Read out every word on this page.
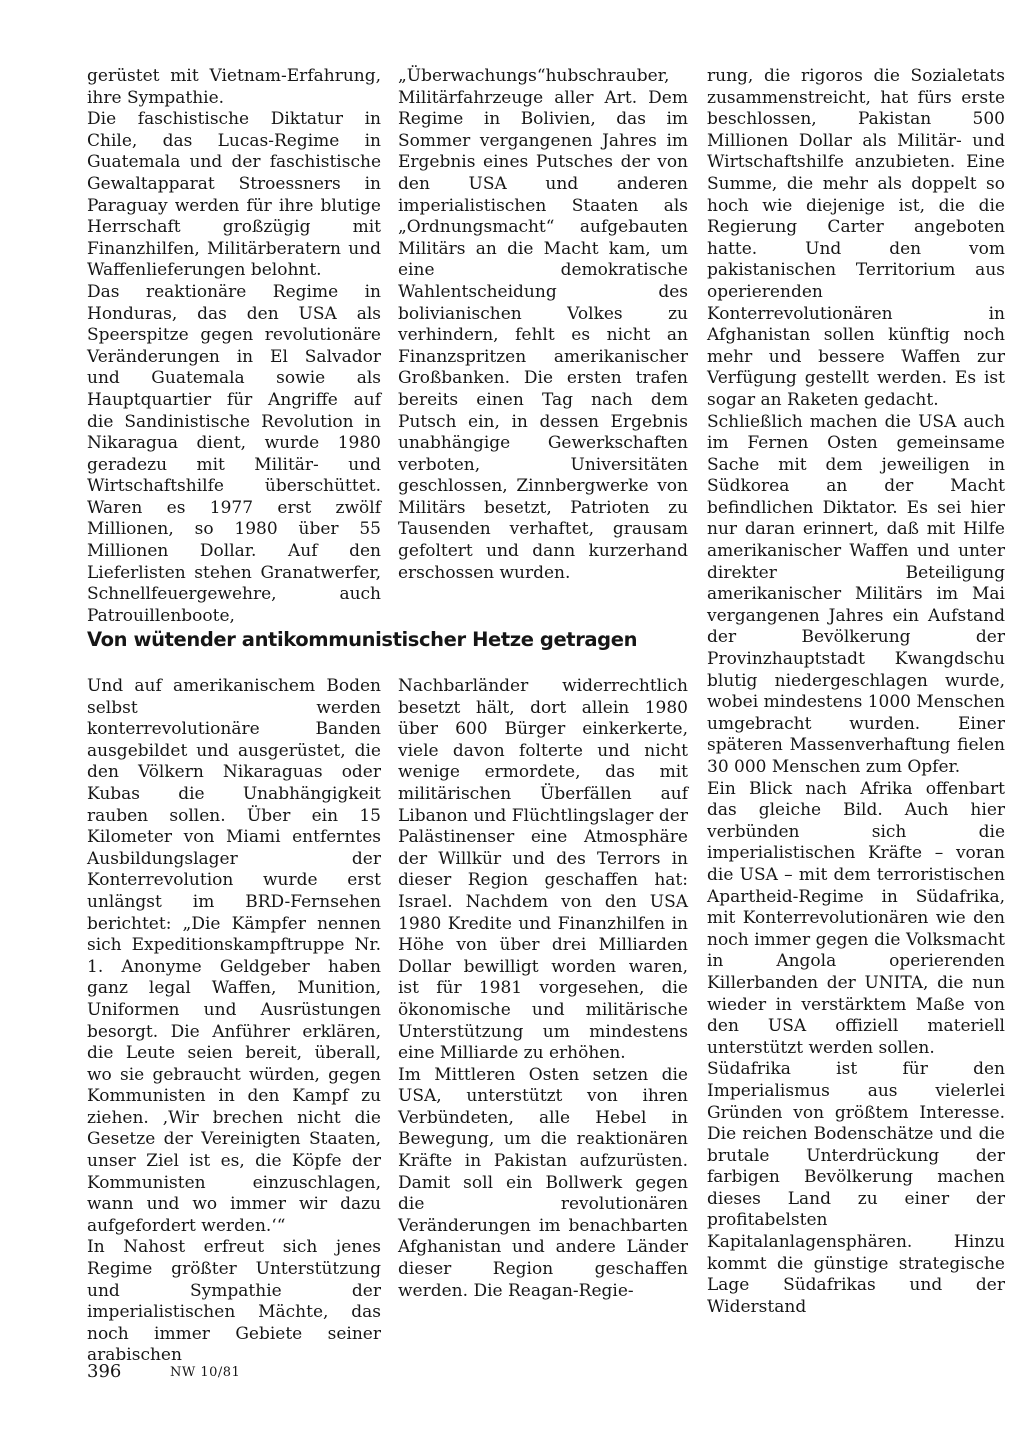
gerüstet mit Vietnam-Erfahrung, ihre Sympathie.

Die faschistische Diktatur in Chile, das Lucas-Regime in Guatemala und der faschistische Gewaltapparat Stroessners in Paraguay werden für ihre blutige Herrschaft großzügig mit Finanzhilfen, Militärberatern und Waffenlieferungen belohnt.

Das reaktionäre Regime in Honduras, das den USA als Speerspitze gegen revolutionäre Veränderungen in El Salvador und Guatemala sowie als Hauptquartier für Angriffe auf die Sandinistische Revolution in Nikaragua dient, wurde 1980 geradezu mit Militär- und Wirtschaftshilfe überschüttet. Waren es 1977 erst zwölf Millionen, so 1980 über 55 Millionen Dollar. Auf den Lieferlisten stehen Granatwerfer, Schnellfeuergewehre, auch Patrouillenboote,

„Überwachungs“hubschrauber, Militärfahrzeuge aller Art. Dem Regime in Bolivien, das im Sommer vergangenen Jahres im Ergebnis eines Putsches der von den USA und anderen imperialistischen Staaten als „Ordnungsmacht“ aufgebauten Militärs an die Macht kam, um eine demokratische Wahlentscheidung des bolivianischen Volkes zu verhindern, fehlt es nicht an Finanzspritzen amerikanischer Großbanken. Die ersten trafen bereits einen Tag nach dem Putsch ein, in dessen Ergebnis unabhängige Gewerkschaften verboten, Universitäten geschlossen, Zinnbergwerke von Militärs besetzt, Patrioten zu Tausenden verhaftet, grausam gefoltert und dann kurzerhand erschossen wurden.

rung, die rigoros die Sozialetats zusammenstreicht, hat fürs erste beschlossen, Pakistan 500 Millionen Dollar als Militär- und Wirtschaftshilfe anzubieten. Eine Summe, die mehr als doppelt so hoch wie diejenige ist, die die Regierung Carter angeboten hatte. Und den vom pakistanischen Territorium aus operierenden Konterrevolutionären in Afghanistan sollen künftig noch mehr und bessere Waffen zur Verfügung gestellt werden. Es ist sogar an Raketen gedacht.

Schließlich machen die USA auch im Fernen Osten gemeinsame Sache mit dem jeweiligen in Südkorea an der Macht befindlichen Diktator. Es sei hier nur daran erinnert, daß mit Hilfe amerikanischer Waffen und unter direkter Beteiligung amerikanischer Militärs im Mai vergangenen Jahres ein Aufstand der Bevölkerung der Provinzhauptstadt Kwangdschu blutig niedergeschlagen wurde, wobei mindestens 1000 Menschen umgebracht wurden. Einer späteren Massenverhaftung fielen 30 000 Menschen zum Opfer.

Ein Blick nach Afrika offenbart das gleiche Bild. Auch hier verbünden sich die imperialistischen Kräfte – voran die USA – mit dem terroristischen Apartheid-Regime in Südafrika, mit Konterrevolutionären wie den noch immer gegen die Volksmacht in Angola operierenden Killerbanden der UNITA, die nun wieder in verstärktem Maße von den USA offiziell materiell unterstützt werden sollen.

Südafrika ist für den Imperialismus aus vielerlei Gründen von größtem Interesse. Die reichen Bodenschätze und die brutale Unterdrückung der farbigen Bevölkerung machen dieses Land zu einer der profitabelsten Kapitalanlagensphären. Hinzu kommt die günstige strategische Lage Südafrikas und der Widerstand

Von wütender antikommunistischer Hetze getragen

Und auf amerikanischem Boden selbst werden konterrevolutionäre Banden ausgebildet und ausgerüstet, die den Völkern Nikaraguas oder Kubas die Unabhängigkeit rauben sollen. Über ein 15 Kilometer von Miami entferntes Ausbildungslager der Konterrevolution wurde erst unlängst im BRD-Fernsehen berichtet: „Die Kämpfer nennen sich Expeditionskampftruppe Nr. 1. Anonyme Geldgeber haben ganz legal Waffen, Munition, Uniformen und Ausrüstungen besorgt. Die Anführer erklären, die Leute seien bereit, überall, wo sie gebraucht würden, gegen Kommunisten in den Kampf zu ziehen. ‚Wir brechen nicht die Gesetze der Vereinigten Staaten, unser Ziel ist es, die Köpfe der Kommunisten einzuschlagen, wann und wo immer wir dazu aufgefordert werden.‘“

In Nahost erfreut sich jenes Regime größter Unterstützung und Sympathie der imperialistischen Mächte, das noch immer Gebiete seiner arabischen

Nachbarländer widerrechtlich besetzt hält, dort allein 1980 über 600 Bürger einkerkerte, viele davon folterte und nicht wenige ermordete, das mit militärischen Überfällen auf Libanon und Flüchtlingslager der Palästinenser eine Atmosphäre der Willkür und des Terrors in dieser Region geschaffen hat: Israel. Nachdem von den USA 1980 Kredite und Finanzhilfen in Höhe von über drei Milliarden Dollar bewilligt worden waren, ist für 1981 vorgesehen, die ökonomische und militärische Unterstützung um mindestens eine Milliarde zu erhöhen.

Im Mittleren Osten setzen die USA, unterstützt von ihren Verbündeten, alle Hebel in Bewegung, um die reaktionären Kräfte in Pakistan aufzurüsten. Damit soll ein Bollwerk gegen die revolutionären Veränderungen im benachbarten Afghanistan und andere Länder dieser Region geschaffen werden. Die Reagan-Regie-

396	NW 10/81
